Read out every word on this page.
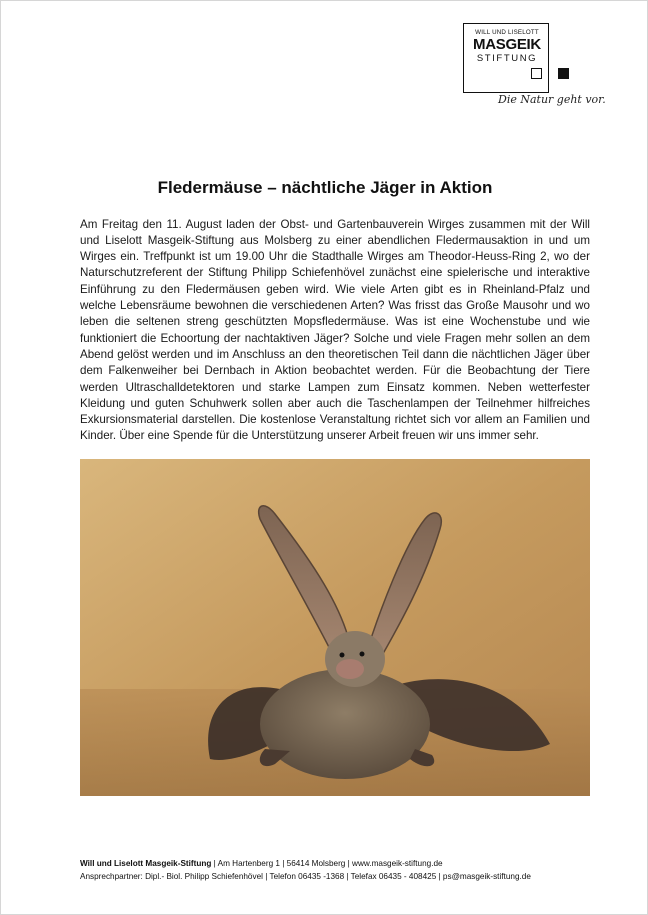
WILL UND LISELOTT
MASGEIK
STIFTUNG
Die Natur geht vor.
Fledermäuse – nächtliche Jäger in Aktion

Am Freitag den 11. August laden der Obst- und Gartenbauverein Wirges zusammen mit der Will und Liselott Masgeik-Stiftung aus Molsberg zu einer abendlichen Fledermausaktion in und um Wirges ein. Treffpunkt ist um 19.00 Uhr die Stadthalle Wirges am Theodor-Heuss-Ring 2, wo der Naturschutzreferent der Stiftung Philipp Schiefenhövel zunächst eine spielerische und interaktive Einführung zu den Fledermäusen geben wird. Wie viele Arten gibt es in Rheinland-Pfalz und welche Lebensräume bewohnen die verschiedenen Arten? Was frisst das Große Mausohr und wo leben die seltenen streng geschützten Mopsfledermäuse. Was ist eine Wochenstube und wie funktioniert die Echoortung der nachtaktiven Jäger? Solche und viele Fragen mehr sollen an dem Abend gelöst werden und im Anschluss an den theoretischen Teil dann die nächtlichen Jäger über dem Falkenweiher bei Dernbach in Aktion beobachtet werden. Für die Beobachtung der Tiere werden Ultraschalldetektoren und starke Lampen zum Einsatz kommen. Neben wetterfester Kleidung und guten Schuhwerk sollen aber auch die Taschenlampen der Teilnehmer hilfreiches Exkursionsmaterial darstellen. Die kostenlose Veranstaltung richtet sich vor allem an Familien und Kinder. Über eine Spende für die Unterstützung unserer Arbeit freuen wir uns immer sehr.

Will und Liselott Masgeik-Stiftung | Am Hartenberg 1 | 56414 Molsberg | www.masgeik-stiftung.de
Ansprechpartner: Dipl.- Biol. Philipp Schiefenhövel | Telefon 06435 -1368 | Telefax 06435 - 408425 | ps@masgeik-stiftung.de
